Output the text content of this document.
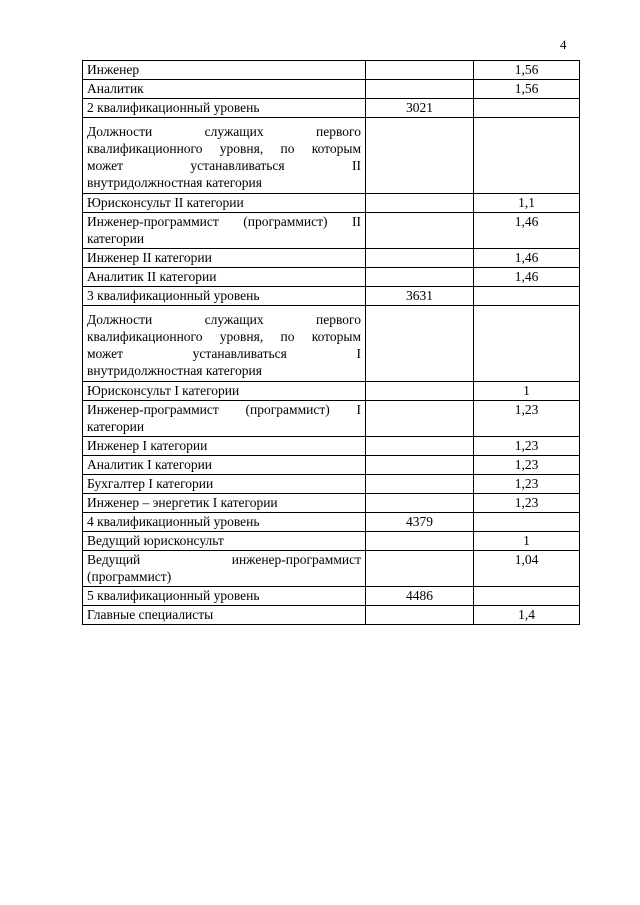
4
Инженер		1,56
Аналитик		1,56
2 квалификационный уровень	3021	

Должности служащих первого
квалификационного уровня, по которым
может устанавливаться II
внутридолжностная категория		

Юрисконсульт II категории		1,1

Инженер-программист (программист) II
категории		1,46
Инженер II категории		1,46
Аналитик II категории		1,46
3 квалификационный уровень	3631	

Должности служащих первого
квалификационного уровня, по которым
может устанавливаться I
внутридолжностная категория		

Юрисконсульт I категории		1

Инженер-программист (программист) I
категории		1,23
Инженер I категории		1,23
Аналитик I категории		1,23
Бухгалтер I категории		1,23
Инженер – энергетик I категории		1,23
4 квалификационный уровень	4379	
Ведущий юрисконсульт		1

Ведущий инженер-программист
(программист)		1,04
5 квалификационный уровень	4486	
Главные специалисты		1,4
